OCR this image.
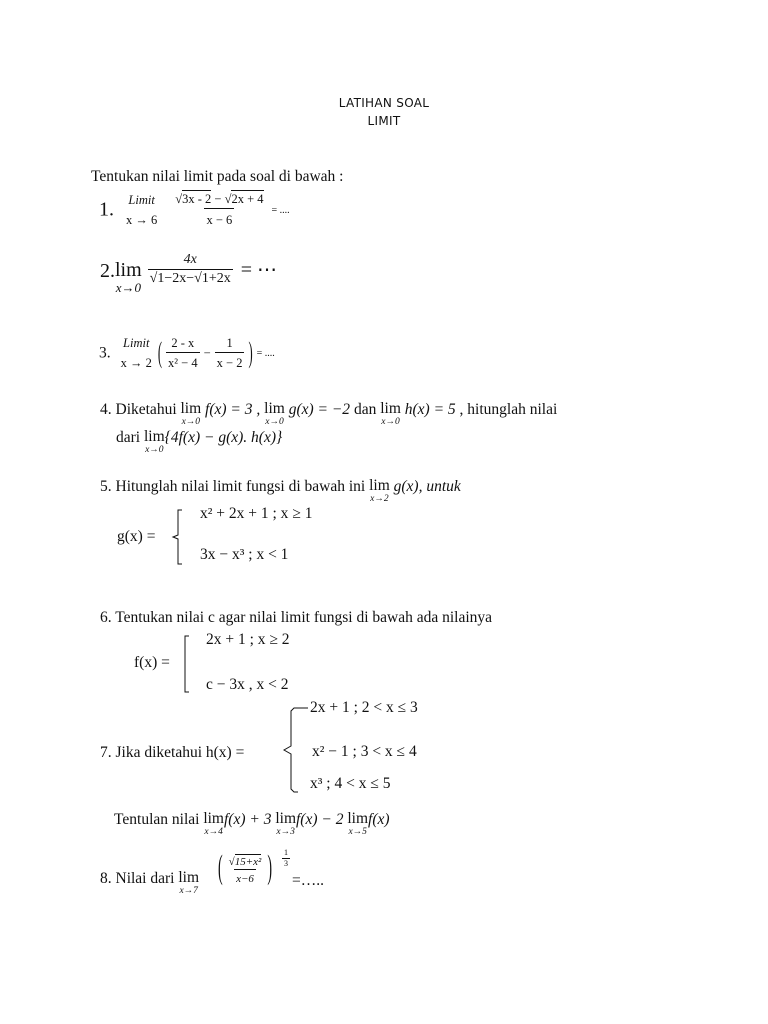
LATIHAN SOAL
LIMIT
Tentukan nilai limit pada soal di bawah :
1. Limit
x → 6
$\frac{√3x - 2 - √2x + 4}{x - 6}$ = ....
2. lim
x→0

$\frac{4x}{√1-2x-√1+2x}$ = ⋯
3.
Limit
x → 2 ( $\frac{2 - x}{\text{x² − 4}} - \frac{1}{x - 2}$ ) = ....
4. Diketahui lim
x→0
f(x) = 3 , lim
x→0
g(x) = −2 dan lim
x→0
h(x) = 5 , hitunglah nilai
dari lim
x→0
{4f(x) − g(x). h(x)}
5. Hitunglah nilai limit fungsi di bawah ini lim
x→2
g(x), untuk
g(x) =
x² + 2x + 1 ; x ≥ 1
3x − x³ ; x < 1
6. Tentukan nilai c agar nilai limit fungsi di bawah ada nilainya
f(x) =
2x + 1 ; x ≥ 2
c − 3x , x < 2
7. Jika diketahui h(x) =
2x + 1 ; 2 < x ≤ 3
x² − 1 ; 3 < x ≤ 4
x³ ; 4 < x ≤ 5
Tentulan nilai lim
x→4
f(x) + 3 lim
x→3
f(x) − 2 lim
x→5
f(x)
8. Nilai dari lim
x→7
( $\frac{\text{√15+x²}}{x-6}$ ) $\frac{1}{3}$
=…..
